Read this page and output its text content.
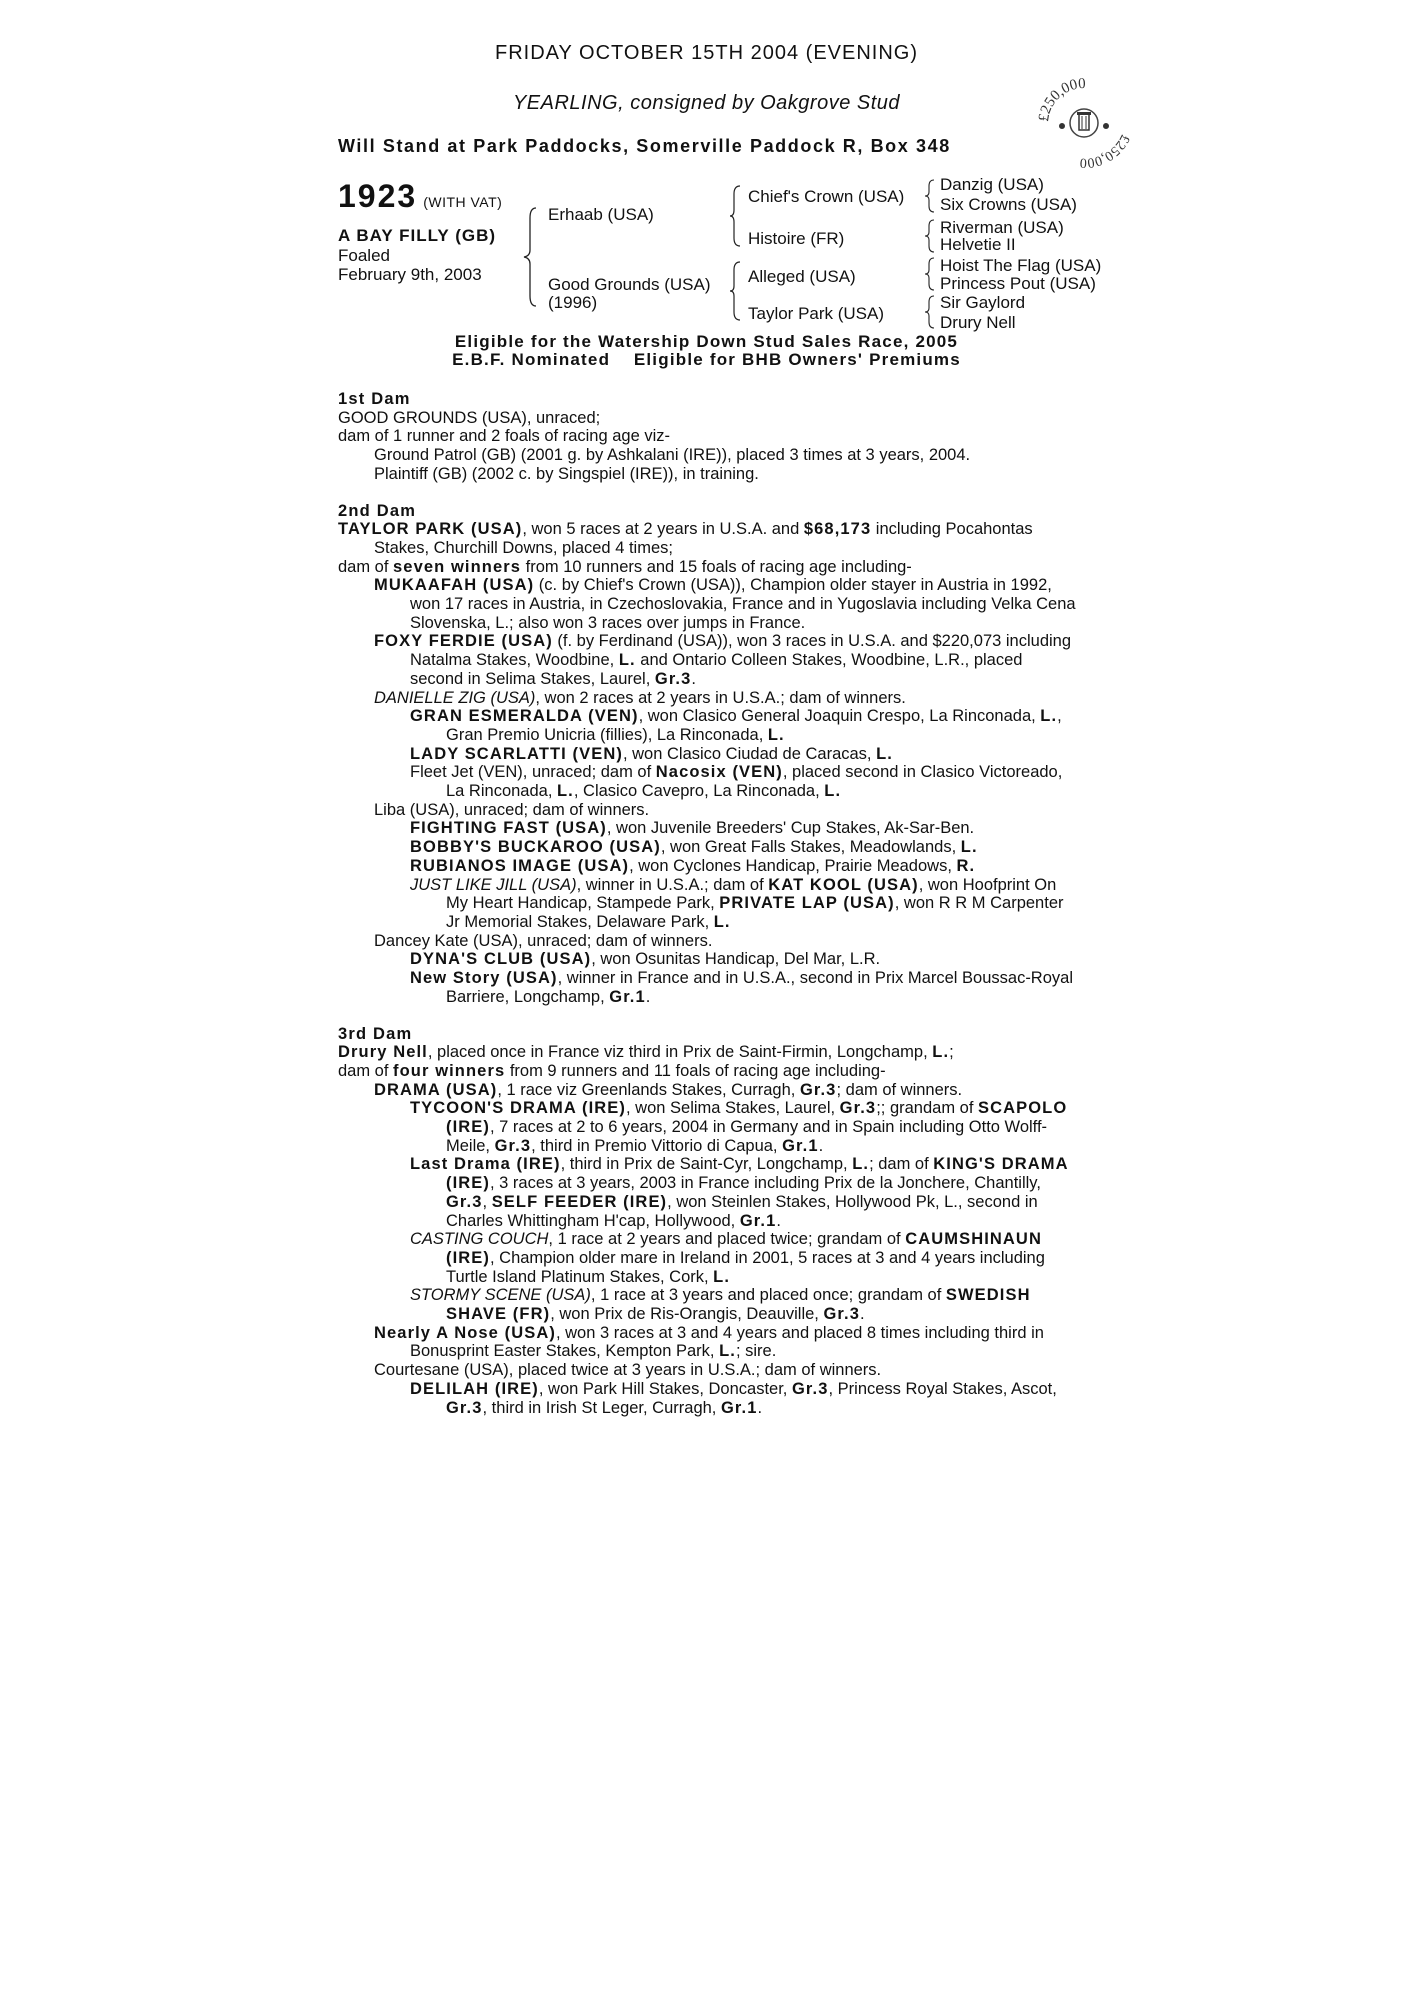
FRIDAY OCTOBER 15TH 2004 (EVENING)
YEARLING, consigned by Oakgrove Stud
Will Stand at Park Paddocks, Somerville Paddock R, Box 348
£250,000
£250,000
1923 (WITH VAT)
A BAY FILLY (GB)
Foaled
February 9th, 2003
Erhaab (USA)
Good Grounds (USA)
(1996)
Chief's Crown (USA)
Histoire (FR)
Alleged (USA)
Taylor Park (USA)
Danzig (USA)
Six Crowns (USA)
Riverman (USA)
Helvetie II
Hoist The Flag (USA)
Princess Pout (USA)
Sir Gaylord
Drury Nell
Eligible for the Watership Down Stud Sales Race, 2005
E.B.F. Nominated    Eligible for BHB Owners' Premiums

1st Dam

GOOD GROUNDS (USA), unraced;

dam of 1 runner and 2 foals of racing age viz-

Ground Patrol (GB) (2001 g. by Ashkalani (IRE)), placed 3 times at 3 years, 2004.

Plaintiff (GB) (2002 c. by Singspiel (IRE)), in training.

2nd Dam

TAYLOR PARK (USA), won 5 races at 2 years in U.S.A. and $68,173 including Pocahontas Stakes, Churchill Downs, placed 4 times;

dam of seven winners from 10 runners and 15 foals of racing age including-

MUKAAFAH (USA) (c. by Chief's Crown (USA)), Champion older stayer in Austria in 1992, won 17 races in Austria, in Czechoslovakia, France and in Yugoslavia including Velka Cena Slovenska, L.; also won 3 races over jumps in France.

FOXY FERDIE (USA) (f. by Ferdinand (USA)), won 3 races in U.S.A. and $220,073 including Natalma Stakes, Woodbine, L. and Ontario Colleen Stakes, Woodbine, L.R., placed second in Selima Stakes, Laurel, Gr.3.

DANIELLE ZIG (USA), won 2 races at 2 years in U.S.A.; dam of winners.

GRAN ESMERALDA (VEN), won Clasico General Joaquin Crespo, La Rinconada, L., Gran Premio Unicria (fillies), La Rinconada, L.

LADY SCARLATTI (VEN), won Clasico Ciudad de Caracas, L.

Fleet Jet (VEN), unraced; dam of Nacosix (VEN), placed second in Clasico Victoreado, La Rinconada, L., Clasico Cavepro, La Rinconada, L.

Liba (USA), unraced; dam of winners.

FIGHTING FAST (USA), won Juvenile Breeders' Cup Stakes, Ak-Sar-Ben.

BOBBY'S BUCKAROO (USA), won Great Falls Stakes, Meadowlands, L.

RUBIANOS IMAGE (USA), won Cyclones Handicap, Prairie Meadows, R.

JUST LIKE JILL (USA), winner in U.S.A.; dam of KAT KOOL (USA), won Hoofprint On My Heart Handicap, Stampede Park, PRIVATE LAP (USA), won R R M Carpenter Jr Memorial Stakes, Delaware Park, L.

Dancey Kate (USA), unraced; dam of winners.

DYNA'S CLUB (USA), won Osunitas Handicap, Del Mar, L.R.

New Story (USA), winner in France and in U.S.A., second in Prix Marcel Boussac-Royal Barriere, Longchamp, Gr.1.

3rd Dam

Drury Nell, placed once in France viz third in Prix de Saint-Firmin, Longchamp, L.;

dam of four winners from 9 runners and 11 foals of racing age including-

DRAMA (USA), 1 race viz Greenlands Stakes, Curragh, Gr.3; dam of winners.

TYCOON'S DRAMA (IRE), won Selima Stakes, Laurel, Gr.3;; grandam of SCAPOLO (IRE), 7 races at 2 to 6 years, 2004 in Germany and in Spain including Otto Wolff-Meile, Gr.3, third in Premio Vittorio di Capua, Gr.1.

Last Drama (IRE), third in Prix de Saint-Cyr, Longchamp, L.; dam of KING'S DRAMA (IRE), 3 races at 3 years, 2003 in France including Prix de la Jonchere, Chantilly, Gr.3, SELF FEEDER (IRE), won Steinlen Stakes, Hollywood Pk, L., second in Charles Whittingham H'cap, Hollywood, Gr.1.

CASTING COUCH, 1 race at 2 years and placed twice; grandam of CAUMSHINAUN (IRE), Champion older mare in Ireland in 2001, 5 races at 3 and 4 years including Turtle Island Platinum Stakes, Cork, L.

STORMY SCENE (USA), 1 race at 3 years and placed once; grandam of SWEDISH SHAVE (FR), won Prix de Ris-Orangis, Deauville, Gr.3.

Nearly A Nose (USA), won 3 races at 3 and 4 years and placed 8 times including third in Bonusprint Easter Stakes, Kempton Park, L.; sire.

Courtesane (USA), placed twice at 3 years in U.S.A.; dam of winners.

DELILAH (IRE), won Park Hill Stakes, Doncaster, Gr.3, Princess Royal Stakes, Ascot, Gr.3, third in Irish St Leger, Curragh, Gr.1.
